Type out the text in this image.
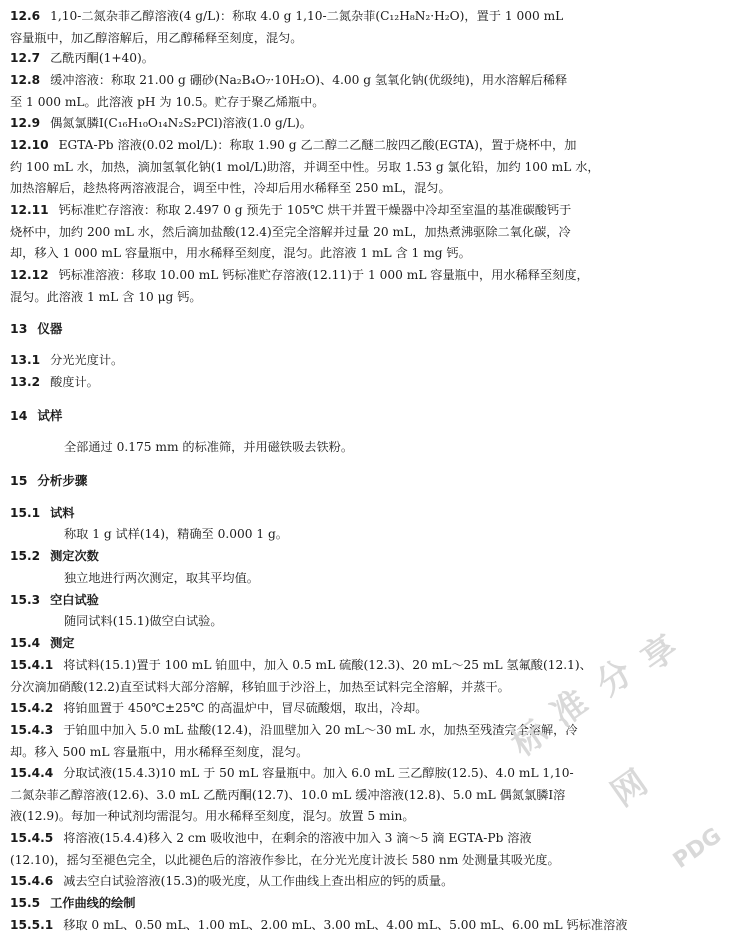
12.6 1,10-二氮杂菲乙醇溶液(4 g/L)：称取 4.0 g 1,10-二氮杂菲(C₁₂H₈N₂·H₂O)，置于 1 000 mL
容量瓶中，加乙醇溶解后，用乙醇稀释至刻度，混匀。
12.7 乙酰丙酮(1+40)。
12.8 缓冲溶液：称取 21.00 g 硼砂(Na₂B₄O₇·10H₂O)、4.00 g 氢氧化钠(优级纯)，用水溶解后稀释
至 1 000 mL。此溶液 pH 为 10.5。贮存于聚乙烯瓶中。
12.9 偶氮氯膦Ⅰ(C₁₆H₁₀O₁₄N₂S₂PCl)溶液(1.0 g/L)。
12.10 EGTA-Pb 溶液(0.02 mol/L)：称取 1.90 g 乙二醇二乙醚二胺四乙酸(EGTA)，置于烧杯中，加
约 100 mL 水，加热，滴加氢氧化钠(1 mol/L)助溶，并调至中性。另取 1.53 g 氯化铅，加约 100 mL 水，
加热溶解后，趁热将两溶液混合，调至中性，冷却后用水稀释至 250 mL，混匀。
12.11 钙标准贮存溶液：称取 2.497 0 g 预先于 105℃ 烘干并置干燥器中冷却至室温的基准碳酸钙于
烧杯中，加约 200 mL 水，然后滴加盐酸(12.4)至完全溶解并过量 20 mL，加热煮沸驱除二氧化碳，冷
却，移入 1 000 mL 容量瓶中，用水稀释至刻度，混匀。此溶液 1 mL 含 1 mg 钙。
12.12 钙标准溶液：移取 10.00 mL 钙标准贮存溶液(12.11)于 1 000 mL 容量瓶中，用水稀释至刻度，
混匀。此溶液 1 mL 含 10 μg 钙。
13 仪器
13.1 分光光度计。
13.2 酸度计。
14 试样
全部通过 0.175 mm 的标准筛，并用磁铁吸去铁粉。
15 分析步骤
15.1 试料
称取 1 g 试样(14)，精确至 0.000 1 g。
15.2 测定次数
独立地进行两次测定，取其平均值。
15.3 空白试验
随同试料(15.1)做空白试验。
15.4 测定
15.4.1 将试料(15.1)置于 100 mL 铂皿中，加入 0.5 mL 硫酸(12.3)、20 mL～25 mL 氢氟酸(12.1)、
分次滴加硝酸(12.2)直至试料大部分溶解，移铂皿于沙浴上，加热至试料完全溶解，并蒸干。
15.4.2 将铂皿置于 450℃±25℃ 的高温炉中，冒尽硫酸烟，取出，冷却。
15.4.3 于铂皿中加入 5.0 mL 盐酸(12.4)，沿皿壁加入 20 mL～30 mL 水，加热至残渣完全溶解，冷
却。移入 500 mL 容量瓶中，用水稀释至刻度，混匀。
15.4.4 分取试液(15.4.3)10 mL 于 50 mL 容量瓶中。加入 6.0 mL 三乙醇胺(12.5)、4.0 mL 1,10-
二氮杂菲乙醇溶液(12.6)、3.0 mL 乙酰丙酮(12.7)、10.0 mL 缓冲溶液(12.8)、5.0 mL 偶氮氯膦Ⅰ溶
液(12.9)。每加一种试剂均需混匀。用水稀释至刻度，混匀。放置 5 min。
15.4.5 将溶液(15.4.4)移入 2 cm 吸收池中，在剩余的溶液中加入 3 滴～5 滴 EGTA-Pb 溶液
(12.10)，摇匀至褪色完全，以此褪色后的溶液作参比，在分光光度计波长 580 nm 处测量其吸光度。
15.4.6 减去空白试验溶液(15.3)的吸光度，从工作曲线上查出相应的钙的质量。
15.5 工作曲线的绘制
15.5.1 移取 0 mL、0.50 mL、1.00 mL、2.00 mL、3.00 mL、4.00 mL、5.00 mL、6.00 mL 钙标准溶液
标
准
分
享
网
PDG
